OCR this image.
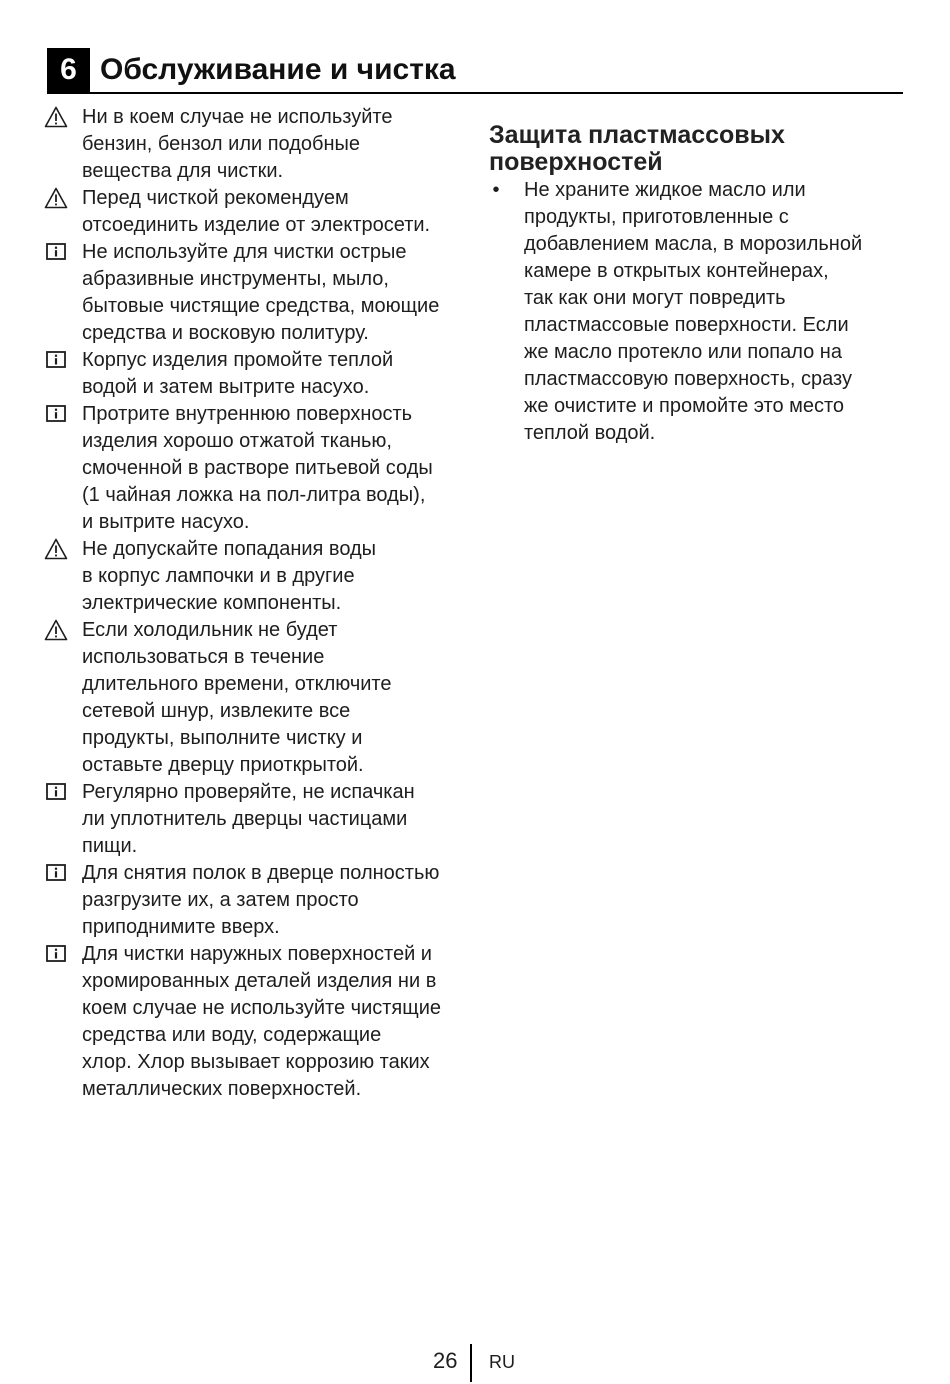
6 Обслуживание и чистка
Ни в коем случае не используйте
бензин, бензол или подобные
вещества для чистки.
Перед чисткой рекомендуем
отсоединить изделие от электросети.
Не используйте для чистки острые
абразивные инструменты, мыло,
бытовые чистящие средства, моющие
средства и восковую политуру.
Корпус изделия промойте теплой
водой и затем вытрите насухо.
Протрите внутреннюю поверхность
изделия хорошо отжатой тканью,
смоченной в растворе питьевой соды
(1 чайная ложка на пол-литра воды),
и вытрите насухо.
Не допускайте попадания воды
в корпус лампочки и в другие
электрические компоненты.
Если холодильник не будет
использоваться в течение
длительного времени, отключите
сетевой шнур, извлеките все
продукты, выполните чистку и
оставьте дверцу приоткрытой.
Регулярно проверяйте, не испачкан
ли уплотнитель дверцы частицами
пищи.
Для снятия полок в дверце полностью
разгрузите их, а затем просто
приподнимите вверх.
Для чистки наружных поверхностей и
хромированных деталей изделия ни в
коем случае не используйте чистящие
средства или воду, содержащие
хлор. Хлор вызывает коррозию таких
металлических поверхностей.
Защита пластмассовых
поверхностей
• Не храните жидкое масло или
продукты, приготовленные с
добавлением масла, в морозильной
камере в открытых контейнерах,
так как они могут повредить
пластмассовые поверхности. Если
же масло протекло или попало на
пластмассовую поверхность, сразу
же очистите и промойте это место
теплой водой.
26 RU
